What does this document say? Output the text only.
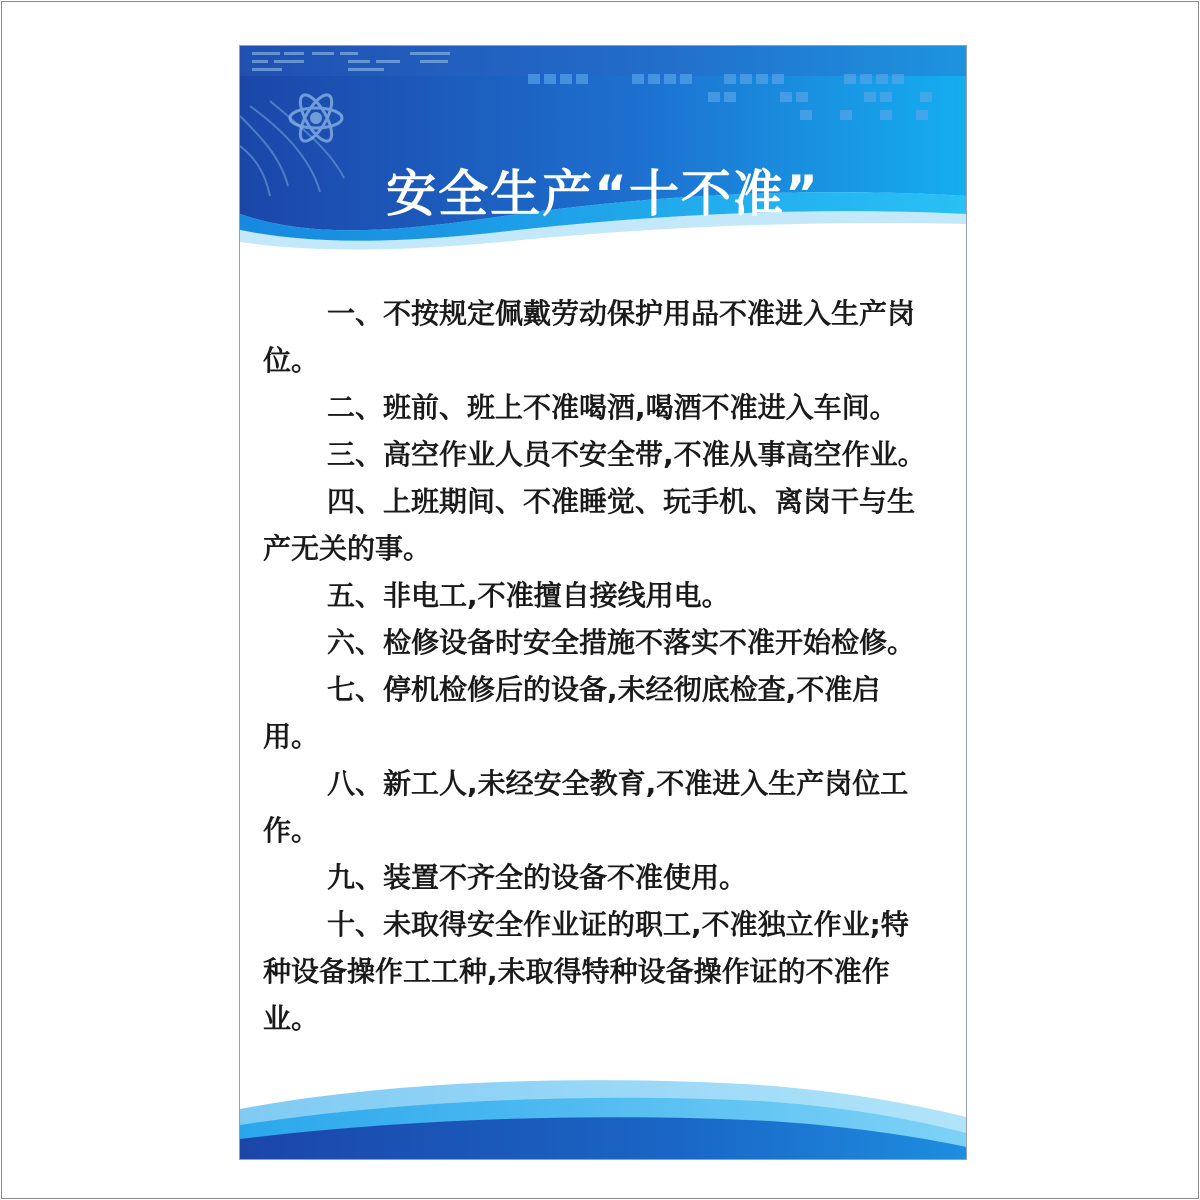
安全生产“十不准”

一、不按规定佩戴劳动保护用品不准进入生产岗位。

二、班前、班上不准喝酒,喝酒不准进入车间。

三、高空作业人员不安全带,不准从事高空作业。

四、上班期间、不准睡觉、玩手机、离岗干与生产无关的事。

五、非电工,不准擅自接线用电。

六、检修设备时安全措施不落实不准开始检修。

七、停机检修后的设备,未经彻底检查,不准启用。

八、新工人,未经安全教育,不准进入生产岗位工作。

九、装置不齐全的设备不准使用。

十、未取得安全作业证的职工,不准独立作业;特种设备操作工工种,未取得特种设备操作证的不准作业。
